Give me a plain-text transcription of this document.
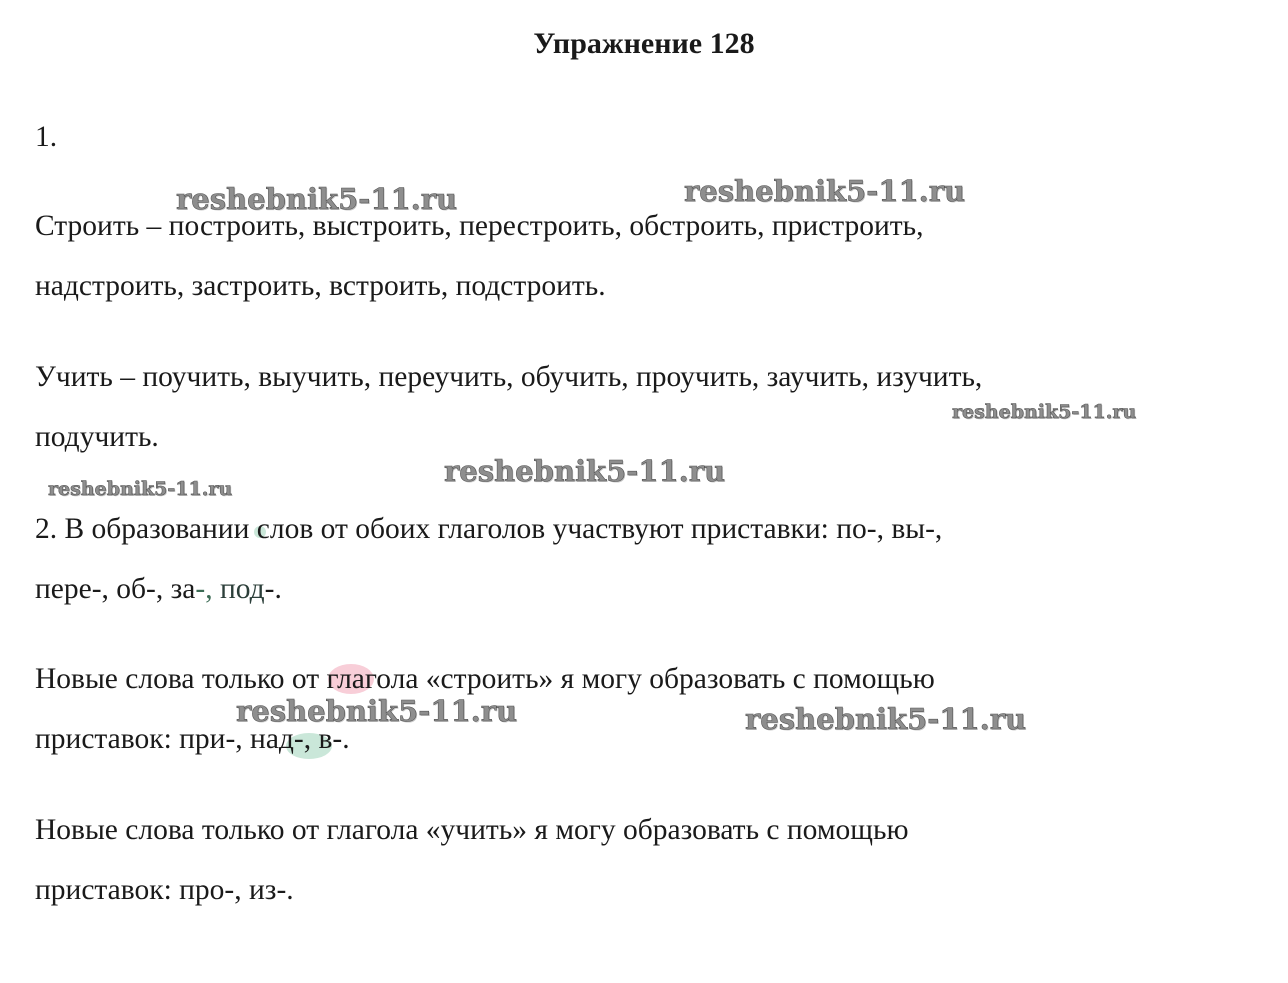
Упражнение 128
1.
Строить – построить, выстроить, перестроить, обстроить, пристроить,
надстроить, застроить, встроить, подстроить.
Учить – поучить, выучить, переучить, обучить, проучить, заучить, изучить,
подучить.
2. В образовании слов от обоих глаголов участвуют приставки: по-, вы-,
пере-, об-, за-, под-.
Новые слова только от глагола «строить» я могу образовать с помощью
приставок: при-, над-, в-.
Новые слова только от глагола «учить» я могу образовать с помощью
приставок: про-, из-.
reshebnik5-11.ru	reshebnik5-11.ru
reshebnik5-11.ru
reshebnik5-11.ru
reshebnik5-11.ru
reshebnik5-11.ru	reshebnik5-11.ru
